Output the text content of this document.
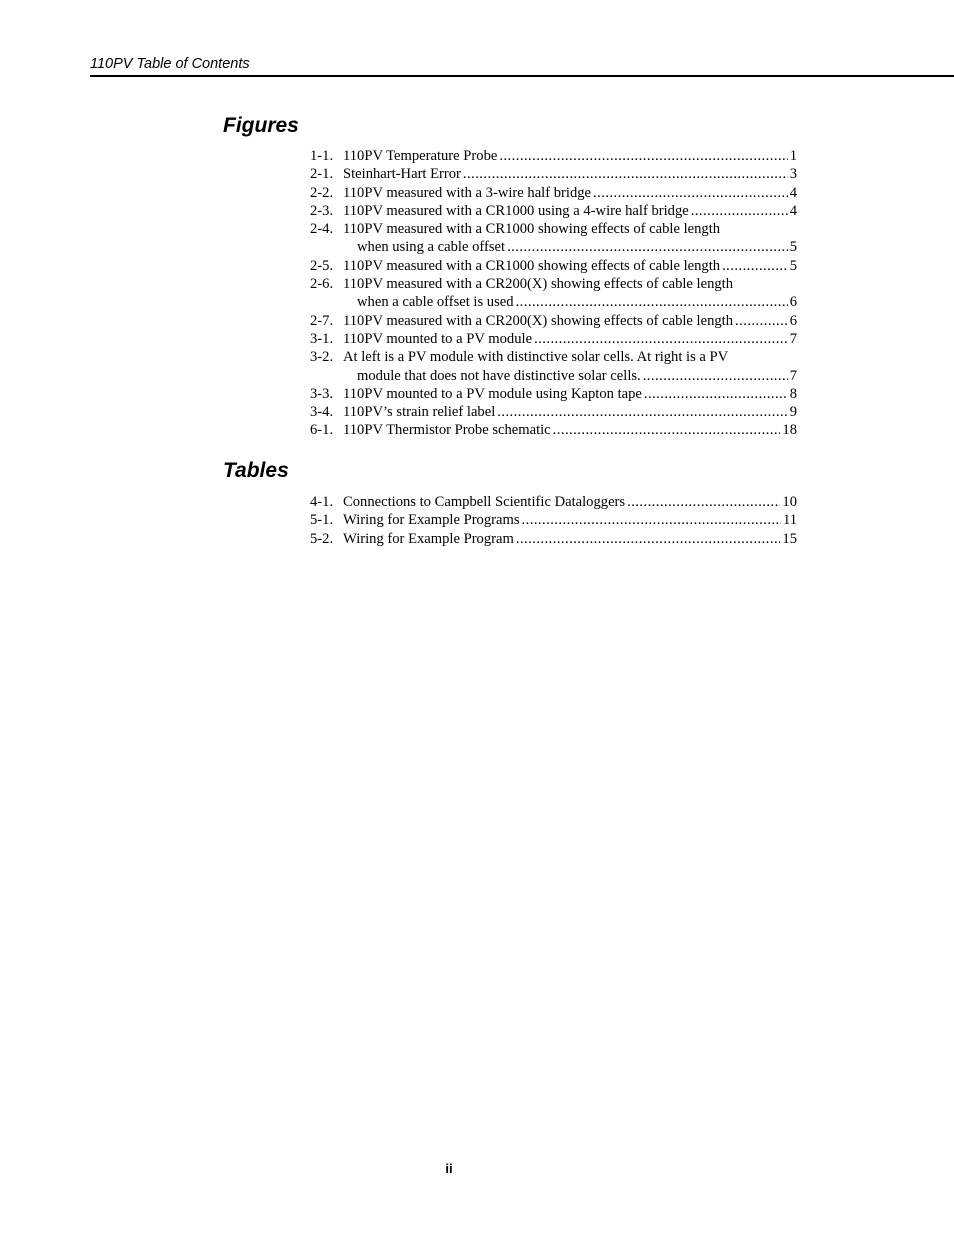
110PV Table of Contents
Figures
1-1. 110PV Temperature Probe . . .	1
2-1. Steinhart-Hart Error . . .	3
2-2. 110PV measured with a 3-wire half bridge . . .	4
2-3. 110PV measured with a CR1000 using a 4-wire half bridge . . .	4
2-4. 110PV measured with a CR1000 showing effects of cable length
when using a cable offset . . .	5
2-5. 110PV measured with a CR1000 showing effects of cable length . . .	5
2-6. 110PV measured with a CR200(X) showing effects of cable length
when a cable offset is used . . .	6
2-7. 110PV measured with a CR200(X) showing effects of cable length . . .	6
3-1. 110PV mounted to a PV module . . .	7
3-2. At left is a PV module with distinctive solar cells. At right is a PV
module that does not have distinctive solar cells. . . .	7
3-3. 110PV mounted to a PV module using Kapton tape . . .	8
3-4. 110PV’s strain relief label . . .	9
6-1. 110PV Thermistor Probe schematic . . .	18
Tables
4-1. Connections to Campbell Scientific Dataloggers . . .	10
5-1. Wiring for Example Programs . . .	11
5-2. Wiring for Example Program . . .	15
ii
